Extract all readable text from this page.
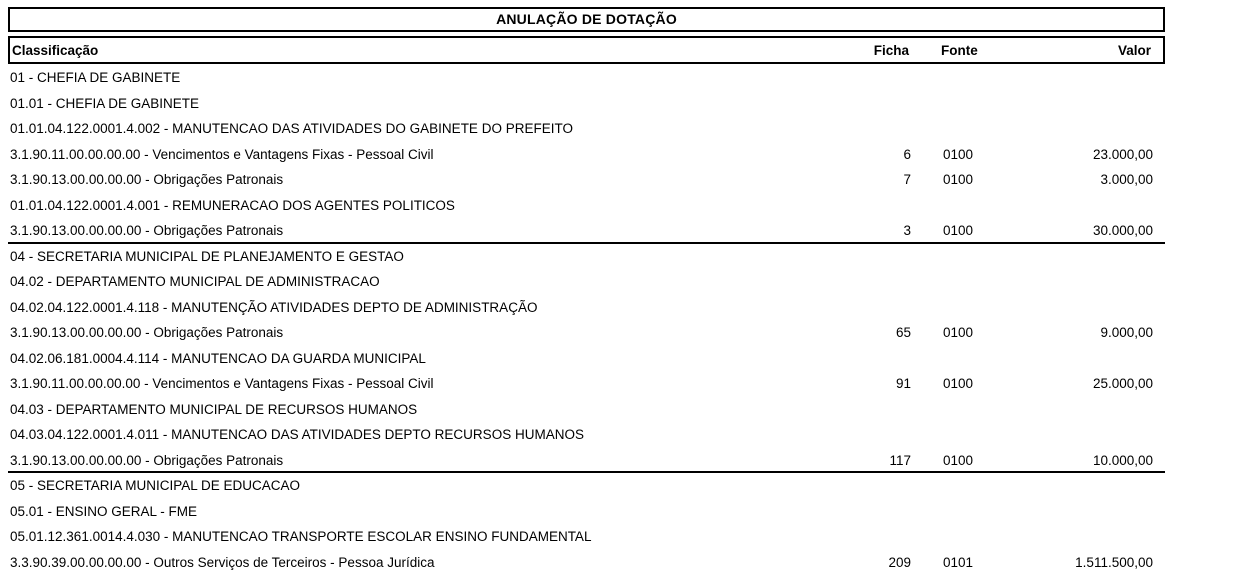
ANULAÇÃO DE DOTAÇÃO
Classificação	Ficha Fonte	Valor
01 - CHEFIA DE GABINETE
01.01 - CHEFIA DE GABINETE
01.01.04.122.0001.4.002 - MANUTENCAO DAS ATIVIDADES DO GABINETE DO PREFEITO
3.1.90.11.00.00.00.00 - Vencimentos e Vantagens Fixas - Pessoal Civil	6 0100	23.000,00
3.1.90.13.00.00.00.00 - Obrigações Patronais	7 0100	3.000,00
01.01.04.122.0001.4.001 - REMUNERACAO DOS AGENTES POLITICOS
3.1.90.13.00.00.00.00 - Obrigações Patronais	3 0100	30.000,00
04 - SECRETARIA MUNICIPAL DE PLANEJAMENTO E GESTAO
04.02 - DEPARTAMENTO MUNICIPAL DE ADMINISTRACAO
04.02.04.122.0001.4.118 - MANUTENÇÃO ATIVIDADES DEPTO DE ADMINISTRAÇÃO
3.1.90.13.00.00.00.00 - Obrigações Patronais	65 0100	9.000,00
04.02.06.181.0004.4.114 - MANUTENCAO DA GUARDA MUNICIPAL
3.1.90.11.00.00.00.00 - Vencimentos e Vantagens Fixas - Pessoal Civil	91 0100	25.000,00
04.03 - DEPARTAMENTO MUNICIPAL DE RECURSOS HUMANOS
04.03.04.122.0001.4.011 - MANUTENCAO DAS ATIVIDADES DEPTO RECURSOS HUMANOS
3.1.90.13.00.00.00.00 - Obrigações Patronais	117 0100	10.000,00
05 - SECRETARIA MUNICIPAL DE EDUCACAO
05.01 - ENSINO GERAL - FME
05.01.12.361.0014.4.030 - MANUTENCAO TRANSPORTE ESCOLAR ENSINO FUNDAMENTAL
3.3.90.39.00.00.00.00 - Outros Serviços de Terceiros - Pessoa Jurídica	209 0101	1.511.500,00
